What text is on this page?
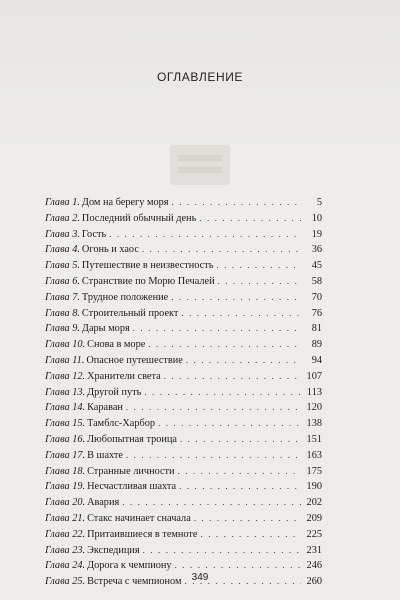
ОГЛАВЛЕНИЕ
Глава 1. Дом на берегу моря . . .	5
Глава 2. Последний обычный день . . .	10
Глава 3. Гость . . .	19
Глава 4. Огонь и хаос . . .	36
Глава 5. Путешествие в неизвестность . . .	45
Глава 6. Странствие по Морю Печалей . . .	58
Глава 7. Трудное положение . . .	70
Глава 8. Строительный проект . . .	76
Глава 9. Дары моря . . .	81
Глава 10. Снова в море . . .	89
Глава 11. Опасное путешествие . . .	94
Глава 12. Хранители света . . .	107
Глава 13. Другой путь . . .	113
Глава 14. Караван . . .	120
Глава 15. Тамблс-Харбор . . .	138
Глава 16. Любопытная троица . . .	151
Глава 17. В шахте . . .	163
Глава 18. Странные личности . . .	175
Глава 19. Несчастливая шахта . . .	190
Глава 20. Авария . . .	202
Глава 21. Стакс начинает сначала . . .	209
Глава 22. Притаившиеся в темноте . . .	225
Глава 23. Экспедиция . . .	231
Глава 24. Дорога к чемпиону . . .	246
Глава 25. Встреча с чемпионом . . .	260
349
